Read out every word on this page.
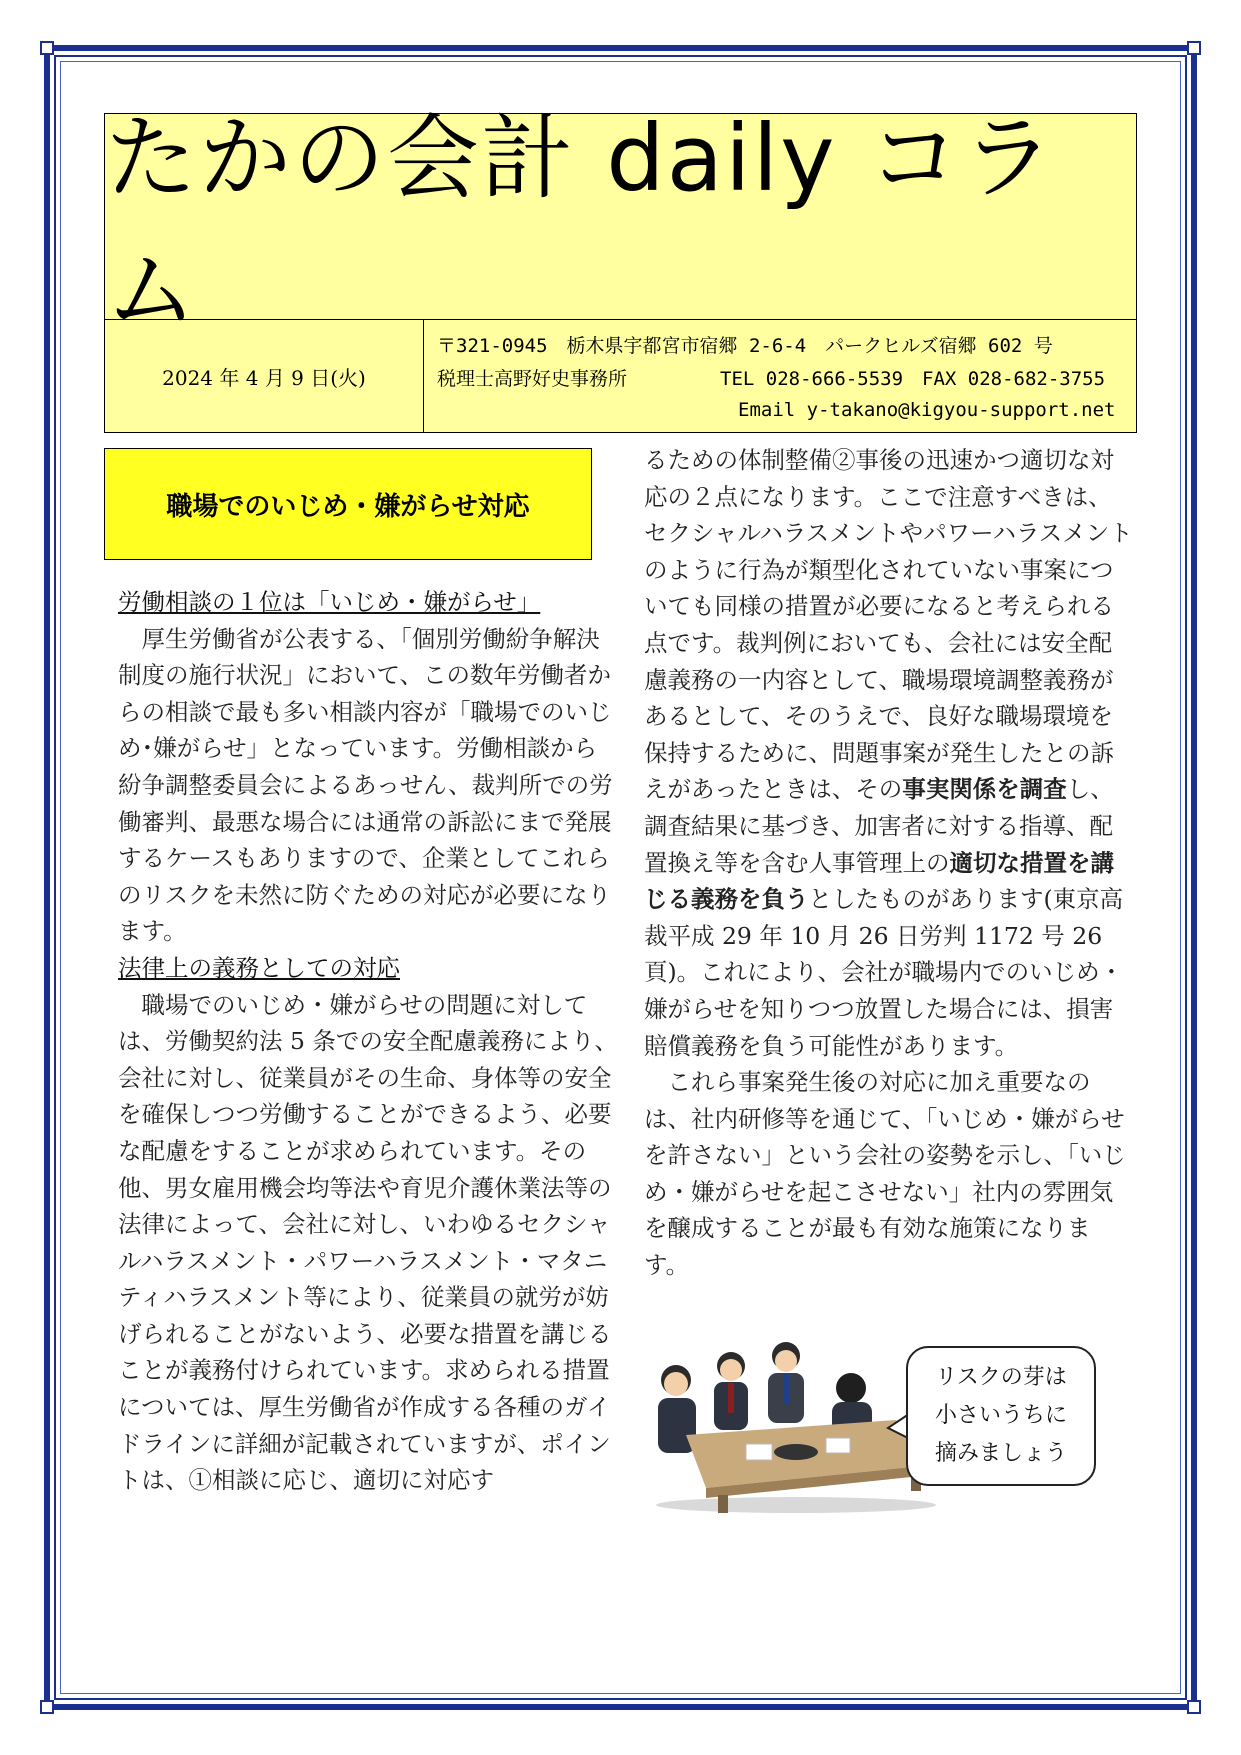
たかの会計 daily コラム
2024 年 4 月 9 日(火)
〒321-0945　栃木県宇都宮市宿郷 2-6-4　パークヒルズ宿郷 602 号
税理士高野好史事務所	TEL 028-666-5539　FAX 028-682-3755
Email y-takano@kigyou-support.net
職場でのいじめ・嫌がらせ対応

労働相談の１位は「いじめ・嫌がらせ」

厚生労働省が公表する、「個別労働紛争解決制度の施行状況」において、この数年労働者からの相談で最も多い相談内容が「職場でのいじめ･嫌がらせ」となっています。労働相談から紛争調整委員会によるあっせん、裁判所での労働審判、最悪な場合には通常の訴訟にまで発展するケースもありますので、企業としてこれらのリスクを未然に防ぐための対応が必要になります。

法律上の義務としての対応

職場でのいじめ・嫌がらせの問題に対しては、労働契約法 5 条での安全配慮義務により、会社に対し、従業員がその生命、身体等の安全を確保しつつ労働することができるよう、必要な配慮をすることが求められています。その他、男女雇用機会均等法や育児介護休業法等の法律によって、会社に対し、いわゆるセクシャルハラスメント・パワーハラスメント・マタニティハラスメント等により、従業員の就労が妨げられることがないよう、必要な措置を講じることが義務付けられています。求められる措置については、厚生労働省が作成する各種のガイドラインに詳細が記載されていますが、ポイントは、①相談に応じ、適切に対応す

るための体制整備②事後の迅速かつ適切な対応の２点になります。ここで注意すべきは、セクシャルハラスメントやパワーハラスメントのように行為が類型化されていない事案についても同様の措置が必要になると考えられる点です。裁判例においても、会社には安全配慮義務の一内容として、職場環境調整義務があるとして、そのうえで、良好な職場環境を保持するために、問題事案が発生したとの訴えがあったときは、その事実関係を調査し、調査結果に基づき、加害者に対する指導、配置換え等を含む人事管理上の適切な措置を講じる義務を負うとしたものがあります(東京高裁平成 29 年 10 月 26 日労判 1172 号 26 頁)。これにより、会社が職場内でのいじめ・嫌がらせを知りつつ放置した場合には、損害賠償義務を負う可能性があります。

これら事案発生後の対応に加え重要なのは、社内研修等を通じて、「いじめ・嫌がらせを許さない」という会社の姿勢を示し、「いじめ・嫌がらせを起こさせない」社内の雰囲気を醸成することが最も有効な施策になります。

リスクの芽は
小さいうちに
摘みましょう
